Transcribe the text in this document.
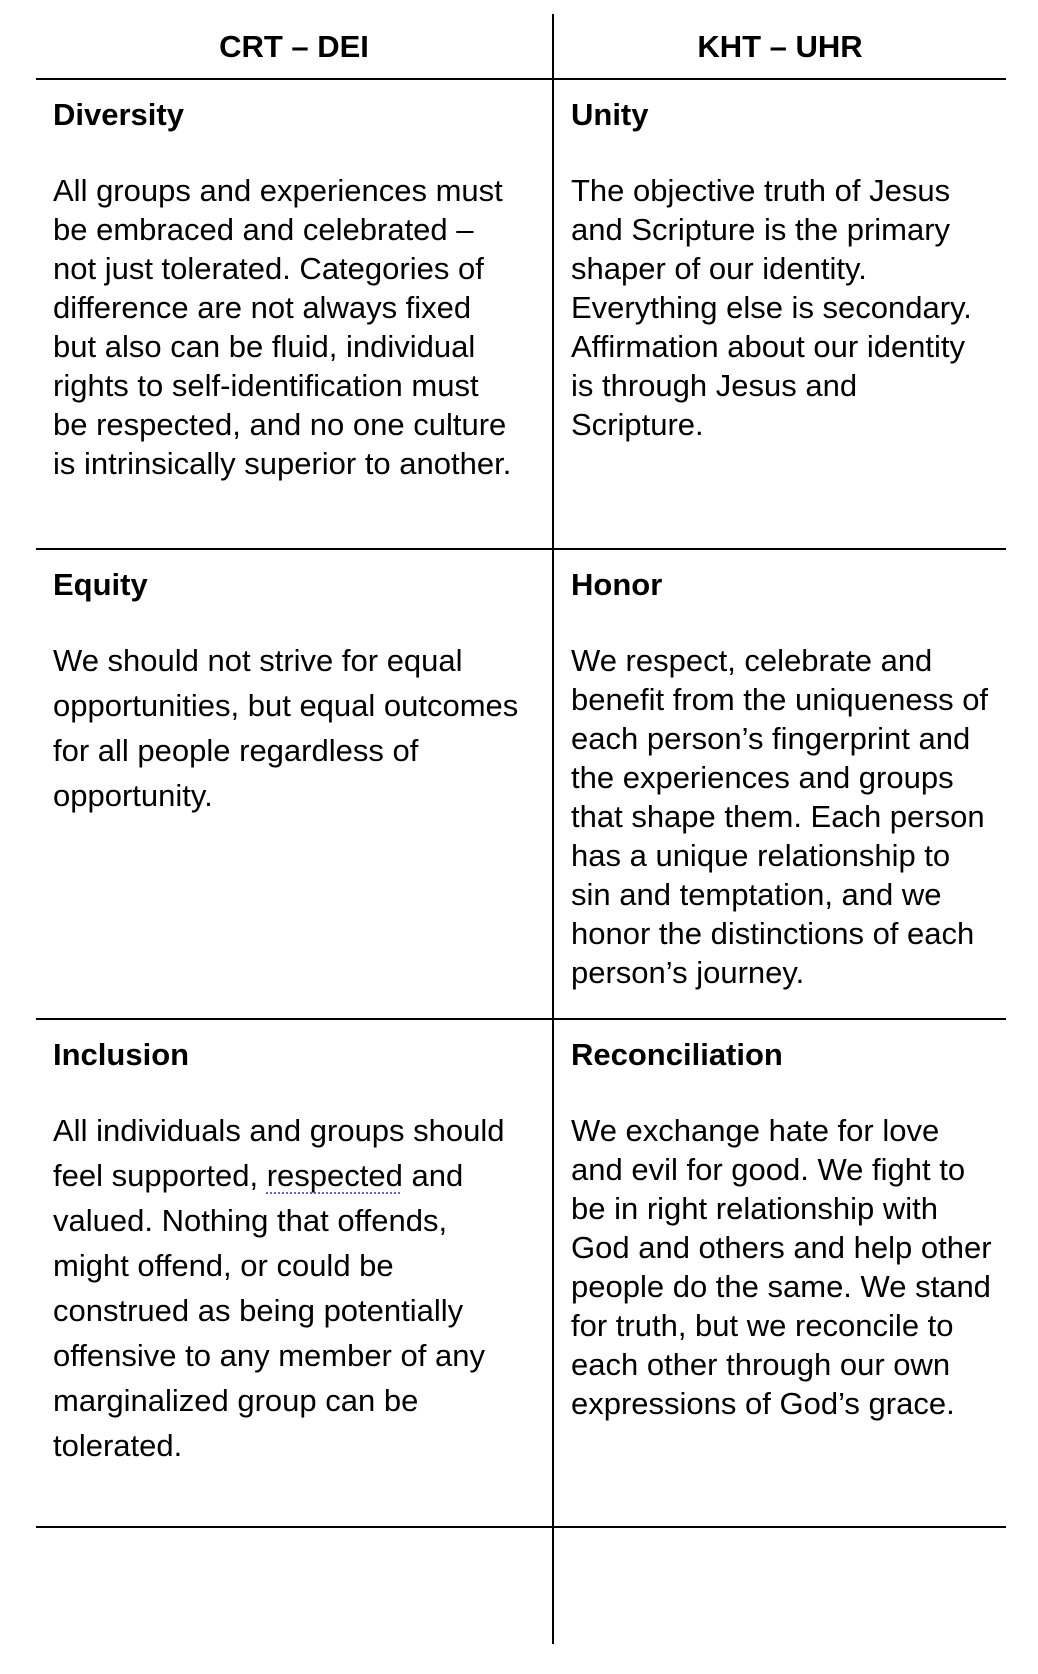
CRT – DEI	KHT – UHR

Diversity

All groups and experiences must be embraced and celebrated – not just tolerated. Categories of difference are not always fixed but also can be fluid, individual rights to self-identification must be respected, and no one culture is intrinsically superior to another.

Unity

The objective truth of Jesus and Scripture is the primary shaper of our identity. Everything else is secondary. Affirmation about our identity is through Jesus and Scripture.

Equity

We should not strive for equal opportunities, but equal outcomes for all people regardless of opportunity.

Honor

We respect, celebrate and benefit from the uniqueness of each person’s fingerprint and the experiences and groups that shape them. Each person has a unique relationship to sin and temptation, and we honor the distinctions of each person’s journey.

Inclusion

All individuals and groups should feel supported, respected and valued. Nothing that offends, might offend, or could be construed as being potentially offensive to any member of any marginalized group can be tolerated.

Reconciliation

We exchange hate for love and evil for good. We fight to be in right relationship with God and others and help other people do the same. We stand for truth, but we reconcile to each other through our own expressions of God’s grace.
